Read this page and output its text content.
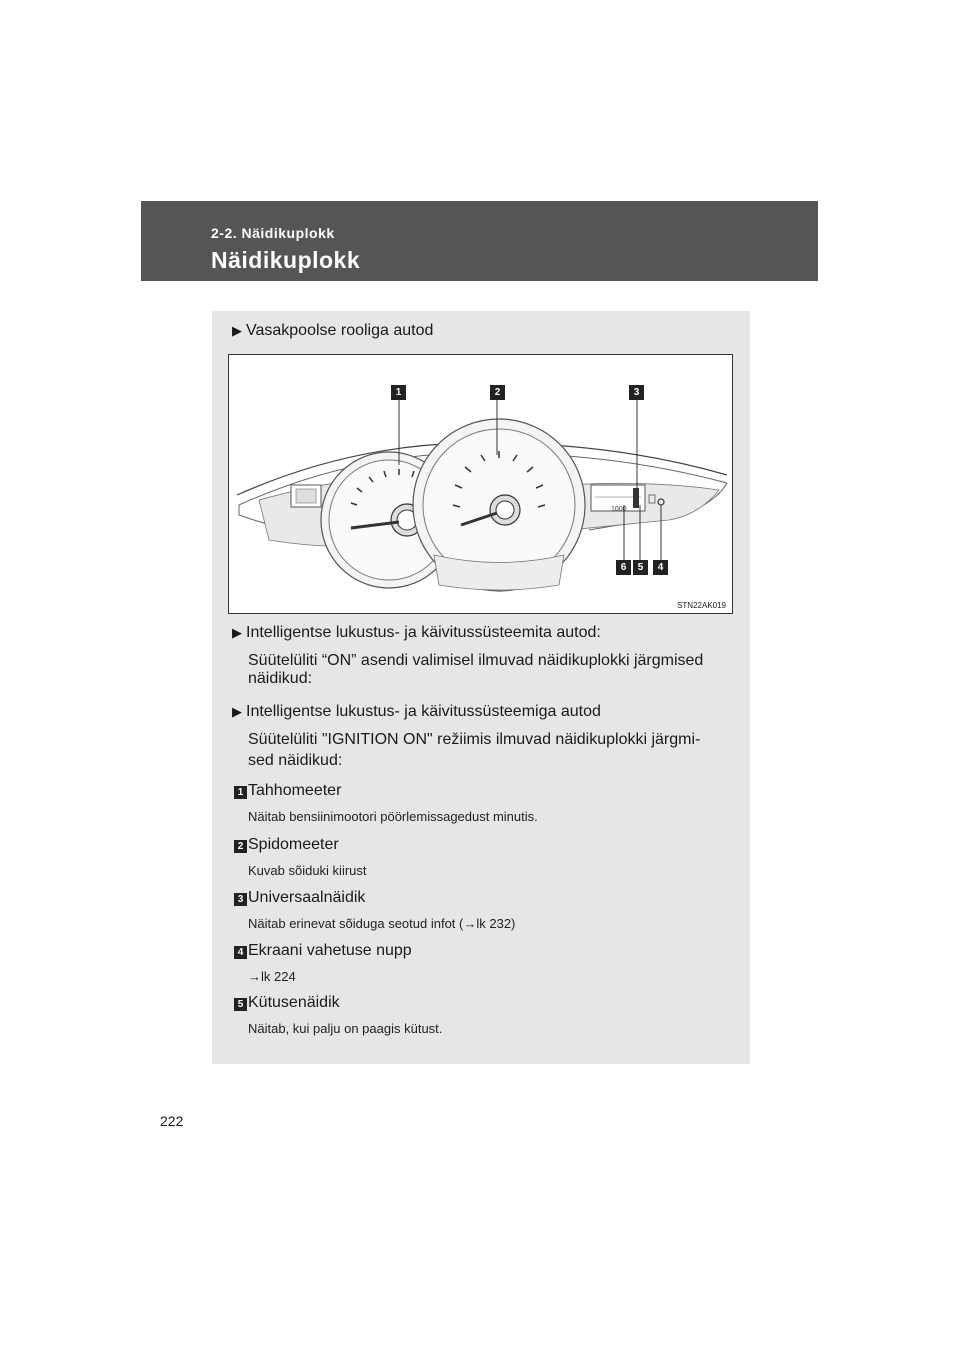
2-2. Näidikuplokk
Näidikuplokk
▶ Vasakpoolse rooliga autod
1000
1	2	3
6	5	4
STN22AK019
▶ Intelligentse lukustus- ja käivitussüsteemita autod:
Süütelüliti “ON” asendi valimisel ilmuvad näidikuplokki järgmised
näidikud:
▶ Intelligentse lukustus- ja käivitussüsteemiga autod
Süütelüliti "IGNITION ON" režiimis ilmuvad näidikuplokki järgmi-
sed näidikud:
1 Tahhomeeter
Näitab bensiinimootori pöörlemissagedust minutis.
2 Spidomeeter
Kuvab sõiduki kiirust
3 Universaalnäidik
Näitab erinevat sõiduga seotud infot (→lk 232)
4 Ekraani vahetuse nupp
→lk 224
5 Kütusenäidik
Näitab, kui palju on paagis kütust.
222
